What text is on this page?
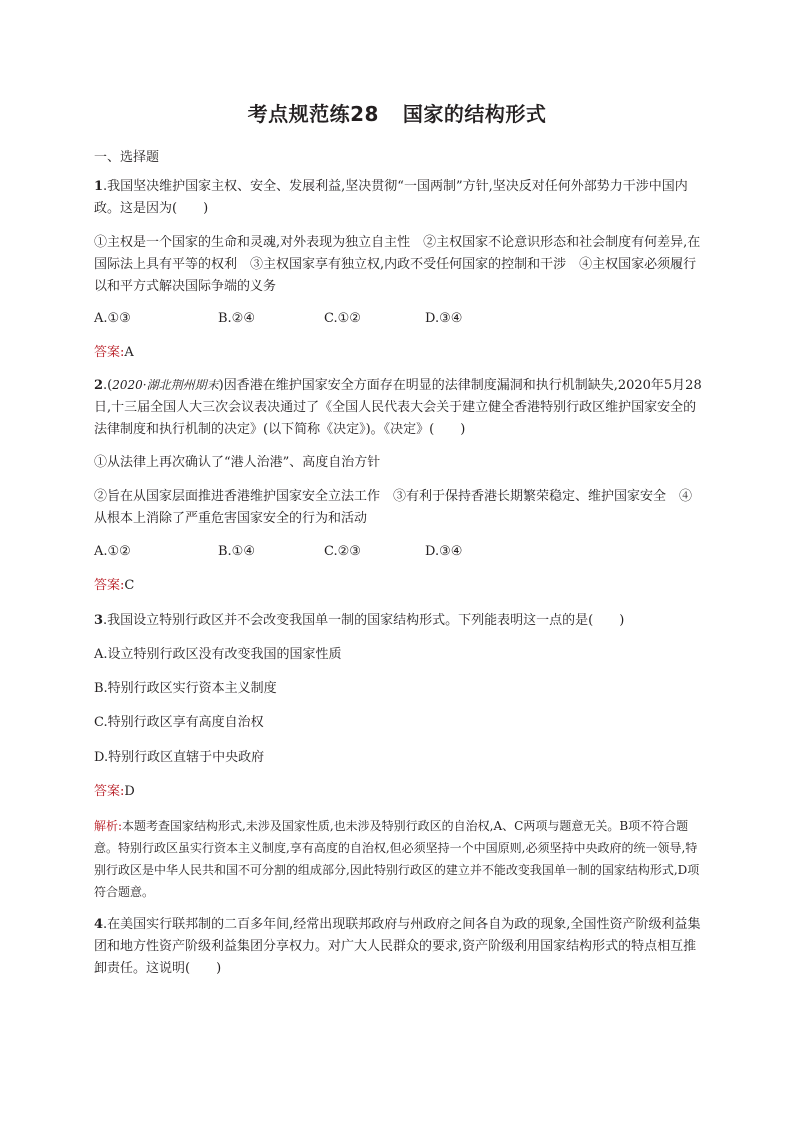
考点规范练28 国家的结构形式
一、选择题
1.我国坚决维护国家主权、安全、发展利益,坚决贯彻“一国两制”方针,坚决反对任何外部势力干涉中国内政。这是因为(　　)
①主权是一个国家的生命和灵魂,对外表现为独立自主性　②主权国家不论意识形态和社会制度有何差异,在国际法上具有平等的权利　③主权国家享有独立权,内政不受任何国家的控制和干涉　④主权国家必须履行以和平方式解决国际争端的义务
A.①③	B.②④	C.①②	D.③④
答案:A
2.(2020·湖北荆州期末)因香港在维护国家安全方面存在明显的法律制度漏洞和执行机制缺失,2020年5月28日,十三届全国人大三次会议表决通过了《全国人民代表大会关于建立健全香港特别行政区维护国家安全的法律制度和执行机制的决定》(以下简称《决定》)。《决定》(　　)
①从法律上再次确认了“港人治港”、高度自治方针
②旨在从国家层面推进香港维护国家安全立法工作　③有利于保持香港长期繁荣稳定、维护国家安全　④从根本上消除了严重危害国家安全的行为和活动
A.①②	B.①④	C.②③	D.③④
答案:C
3.我国设立特别行政区并不会改变我国单一制的国家结构形式。下列能表明这一点的是(　　)
A.设立特别行政区没有改变我国的国家性质
B.特别行政区实行资本主义制度
C.特别行政区享有高度自治权
D.特别行政区直辖于中央政府
答案:D
解析:本题考查国家结构形式,未涉及国家性质,也未涉及特别行政区的自治权,A、C两项与题意无关。B项不符合题意。特别行政区虽实行资本主义制度,享有高度的自治权,但必须坚持一个中国原则,必须坚持中央政府的统一领导,特别行政区是中华人民共和国不可分割的组成部分,因此特别行政区的建立并不能改变我国单一制的国家结构形式,D项符合题意。
4.在美国实行联邦制的二百多年间,经常出现联邦政府与州政府之间各自为政的现象,全国性资产阶级利益集团和地方性资产阶级利益集团分享权力。对广大人民群众的要求,资产阶级利用国家结构形式的特点相互推卸责任。这说明(　　)
